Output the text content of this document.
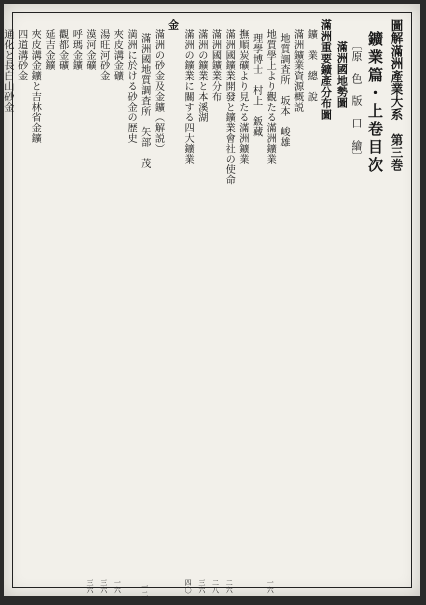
圖解滿洲產業大系　第三巻
鑛業篇・上卷目次
〔原　色　版　口　繪〕
滿洲國地勢圖
滿洲重要鑛產分布圖
鑛　業　總　說
滿洲鑛業資源概説
地質調査所　坂本　峻雄
地質學上より觀たる滿洲鑛業
一六
理學博士　村上　鈑藏
撫順炭礦より見たる滿洲鑛業
滿洲國鑛業開發と鑛業會社の使命
二六
滿洲國鑛業分布
二八
滿洲の鑛業と本溪湖
三六
滿洲の鑛業に關する四大鑛業
四〇
金
滿洲の砂金及金鑛（解説）
滿洲國地質調査所　矢部　茂
一二
満洲に於ける砂金の歴史
夾皮溝金礦
一六
湯旺河砂金
三六
漠河金礦
三六
呼瑪金鑛
觀都金礦
延吉金鑛
夾皮溝金鑛と吉林省金鑛
四道溝砂金
通化と長白山砂金
